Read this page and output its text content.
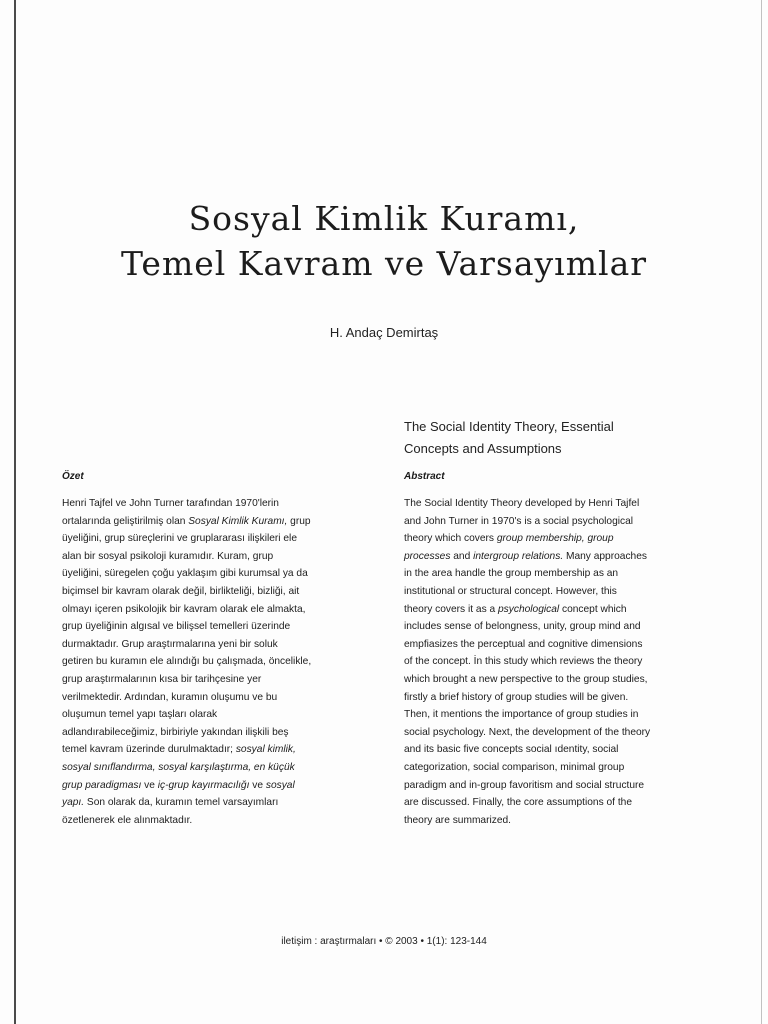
Sosyal Kimlik Kuramı,
Temel Kavram ve Varsayımlar
H. Andaç Demirtaş
The Social Identity Theory, Essential
Concepts and Assumptions
Özet	Abstract
Henri Tajfel ve John Turner tarafından 1970'lerin
ortalarında geliştirilmiş olan Sosyal Kimlik Kuramı, grup
üyeliğini, grup süreçlerini ve gruplararası ilişkileri ele
alan bir sosyal psikoloji kuramıdır. Kuram, grup
üyeliğini, süregelen çoğu yaklaşım gibi kurumsal ya da
biçimsel bir kavram olarak değil, birlikteliği, bizliği, ait
olmayı içeren psikolojik bir kavram olarak ele almakta,
grup üyeliğinin algısal ve bilişsel temelleri üzerinde
durmaktadır. Grup araştırmalarına yeni bir soluk
getiren bu kuramın ele alındığı bu çalışmada, öncelikle,
grup araştırmalarının kısa bir tarihçesine yer
verilmektedir. Ardından, kuramın oluşumu ve bu
oluşumun temel yapı taşları olarak
adlandırabileceğimiz, birbiriyle yakından ilişkili beş
temel kavram üzerinde durulmaktadır; sosyal kimlik,
sosyal sınıflandırma, sosyal karşılaştırma, en küçük
grup paradigması ve iç-grup kayırmacılığı ve sosyal
yapı. Son olarak da, kuramın temel varsayımları
özetlenerek ele alınmaktadır.
The Social Identity Theory developed by Henri Tajfel
and John Turner in 1970's is a social psychological
theory which covers group membership, group
processes and intergroup relations. Many approaches
in the area handle the group membership as an
institutional or structural concept. However, this
theory covers it as a psychological concept which
includes sense of belongness, unity, group mind and
empfiasizes the perceptual and cognitive dimensions
of the concept. İn this study which reviews the theory
which brought a new perspective to the group studies,
firstly a brief history of group studies will be given.
Then, it mentions the importance of group studies in
social psychology. Next, the development of the theory
and its basic five concepts social ıdentity, social
categorization, social comparison, minimal group
paradigm and in-group favoritism and social structure
are discussed. Finally, the core assumptions of the
theory are summarized.
iletişim : araştırmaları • © 2003 • 1(1): 123-144
